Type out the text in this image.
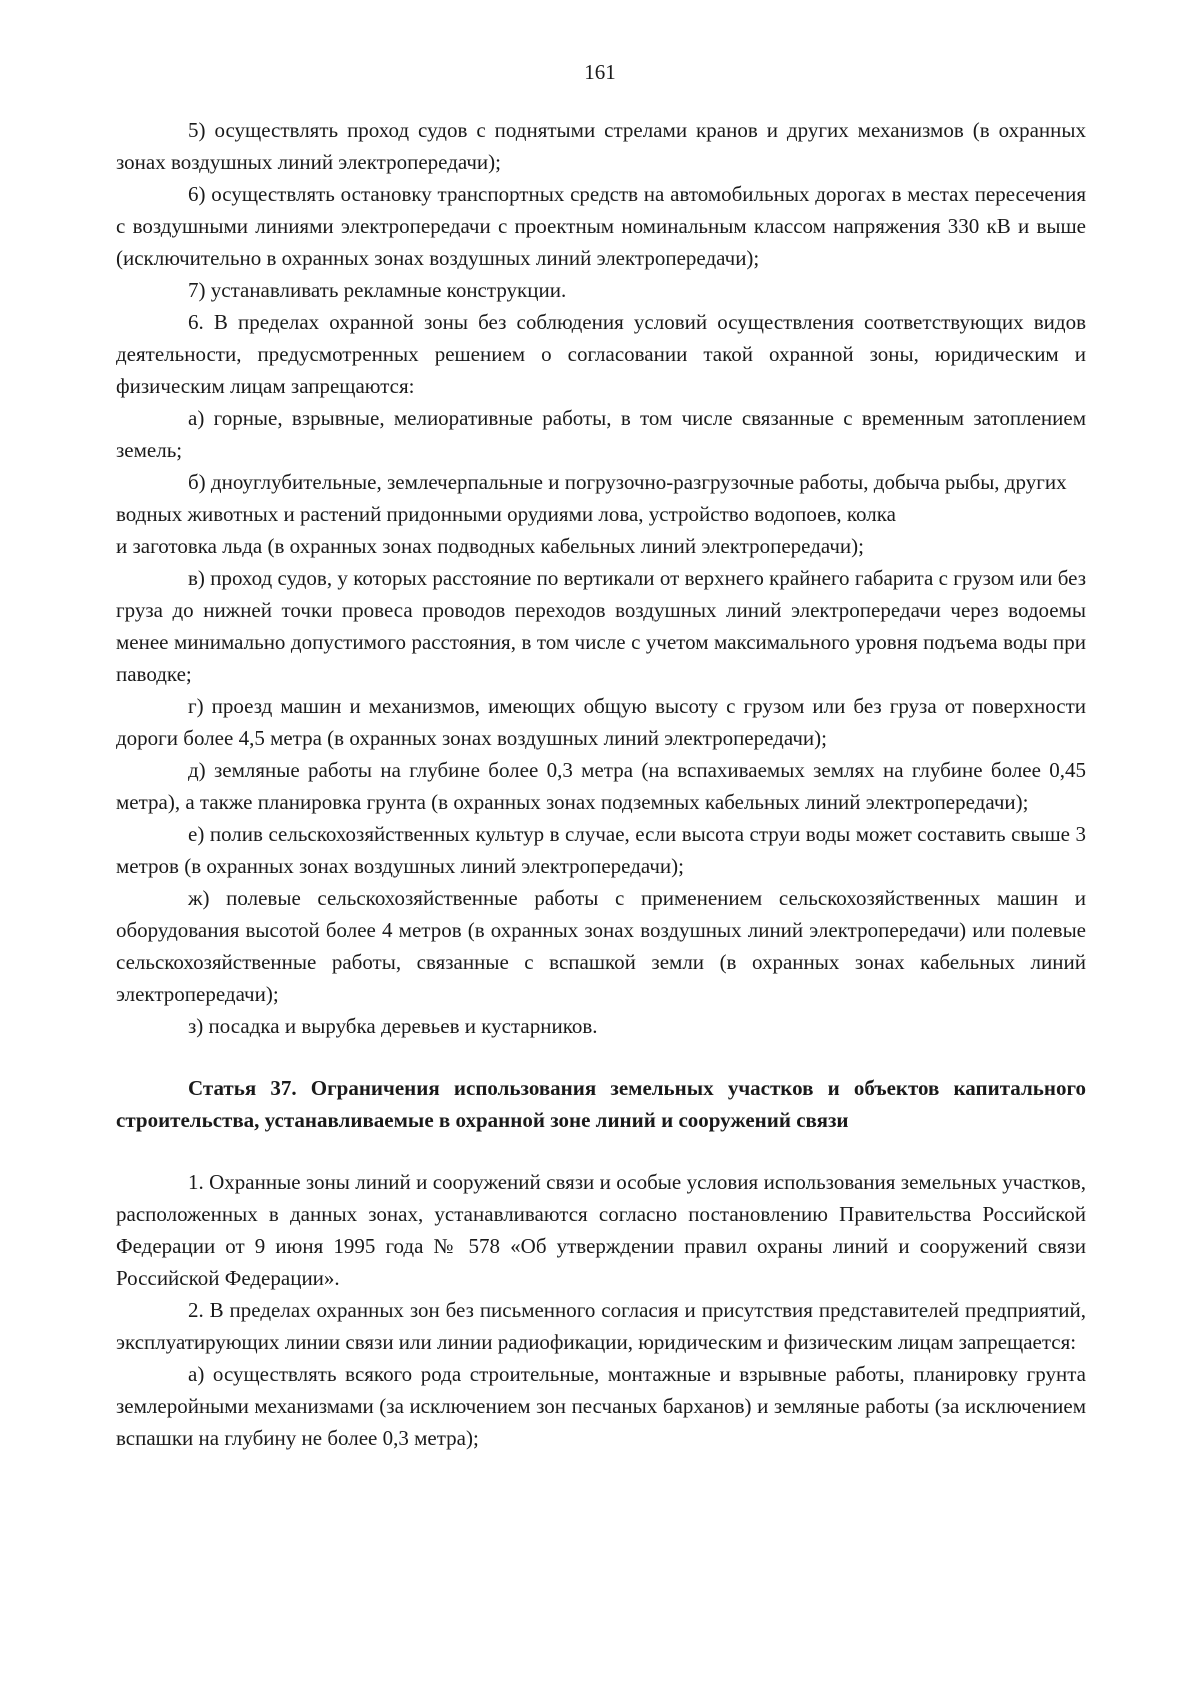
161

5) осуществлять проход судов с поднятыми стрелами кранов и других механизмов (в охранных зонах воздушных линий электропередачи);

6) осуществлять остановку транспортных средств на автомобильных дорогах в местах пересечения с воздушными линиями электропередачи с проектным номинальным классом напряжения 330 кВ и выше (исключительно в охранных зонах воздушных линий электропередачи);

7) устанавливать рекламные конструкции.

6. В пределах охранной зоны без соблюдения условий осуществления соответствующих видов деятельности, предусмотренных решением о согласовании такой охранной зоны, юридическим и физическим лицам запрещаются:

а) горные, взрывные, мелиоративные работы, в том числе связанные с временным затоплением земель;

б) дноуглубительные, землечерпальные и погрузочно-разгрузочные работы, добыча рыбы, других водных животных и растений придонными орудиями лова, устройство водопоев, колка

и заготовка льда (в охранных зонах подводных кабельных линий электропередачи);

в) проход судов, у которых расстояние по вертикали от верхнего крайнего габарита с грузом или без груза до нижней точки провеса проводов переходов воздушных линий электропередачи через водоемы менее минимально допустимого расстояния, в том числе с учетом максимального уровня подъема воды при паводке;

г) проезд машин и механизмов, имеющих общую высоту с грузом или без груза от поверхности дороги более 4,5 метра (в охранных зонах воздушных линий электропередачи);

д) земляные работы на глубине более 0,3 метра (на вспахиваемых землях на глубине более 0,45 метра), а также планировка грунта (в охранных зонах подземных кабельных линий электропередачи);

е) полив сельскохозяйственных культур в случае, если высота струи воды может составить свыше 3 метров (в охранных зонах воздушных линий электропередачи);

ж) полевые сельскохозяйственные работы с применением сельскохозяйственных машин и оборудования высотой более 4 метров (в охранных зонах воздушных линий электропередачи) или полевые сельскохозяйственные работы, связанные с вспашкой земли (в охранных зонах кабельных линий электропередачи);

з) посадка и вырубка деревьев и кустарников.

Статья 37. Ограничения использования земельных участков и объектов капитального строительства, устанавливаемые в охранной зоне линий и сооружений связи

1. Охранные зоны линий и сооружений связи и особые условия использования земельных участков, расположенных в данных зонах, устанавливаются согласно постановлению Правительства Российской Федерации от 9 июня 1995 года № 578 «Об утверждении правил охраны линий и сооружений связи Российской Федерации».

2. В пределах охранных зон без письменного согласия и присутствия представителей предприятий, эксплуатирующих линии связи или линии радиофикации, юридическим и физическим лицам запрещается:

а) осуществлять всякого рода строительные, монтажные и взрывные работы, планировку грунта землеройными механизмами (за исключением зон песчаных барханов) и земляные работы (за исключением вспашки на глубину не более 0,3 метра);
